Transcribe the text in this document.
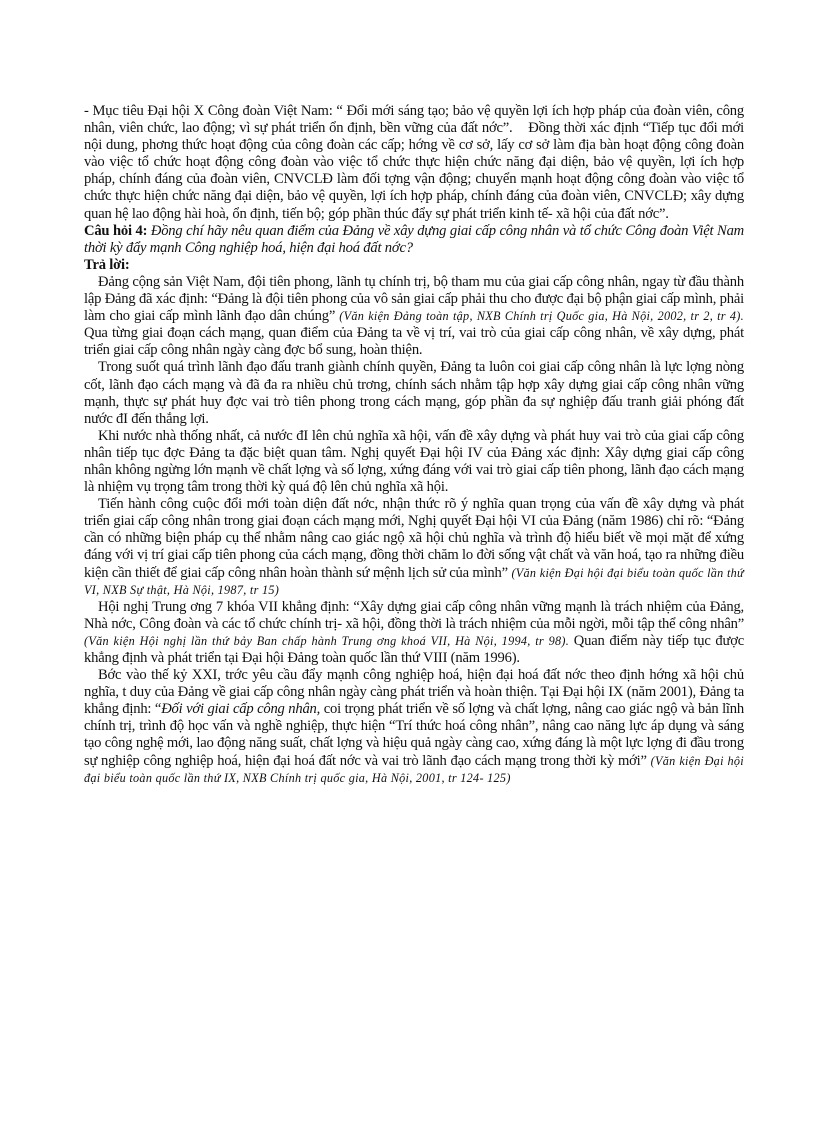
- Mục tiêu Đại hội X Công đoàn Việt Nam: “ Đổi mới sáng tạo; bảo vệ quyền lợi ích hợp pháp của đoàn viên, công nhân, viên chức, lao động; vì sự phát triển ổn định, bền vững của đất nớc”. Đồng thời xác định “Tiếp tục đổi mới nội dung, phơng thức hoạt động của công đoàn các cấp; hớng về cơ sở, lấy cơ sở làm địa bàn hoạt động công đoàn vào việc tổ chức hoạt động công đoàn vào việc tổ chức thực hiện chức năng đại diện, bảo vệ quyền, lợi ích hợp pháp, chính đáng của đoàn viên, CNVCLĐ làm đối tợng vận động; chuyển mạnh hoạt động công đoàn vào việc tổ chức thực hiện chức năng đại diện, bảo vệ quyền, lợi ích hợp pháp, chính đáng của đoàn viên, CNVCLĐ; xây dựng quan hệ lao động hài hoà, ổn định, tiến bộ; góp phần thúc đẩy sự phát triển kinh tế- xã hội của đất nớc”.

Câu hỏi 4: Đồng chí hãy nêu quan điểm của Đảng về xây dựng giai cấp công nhân và tổ chức Công đoàn Việt Nam thời kỳ đẩy mạnh Công nghiệp hoá, hiện đại hoá đất nớc?

Trả lời:

Đảng cộng sản Việt Nam, đội tiên phong, lãnh tụ chính trị, bộ tham mu của giai cấp công nhân, ngay từ đầu thành lập Đảng đã xác định: “Đảng là đội tiên phong của vô sản giai cấp phải thu cho được đại bộ phận giai cấp mình, phải làm cho giai cấp mình lãnh đạo dân chúng” (Văn kiện Đảng toàn tập, NXB Chính trị Quốc gia, Hà Nội, 2002, tr 2, tr 4). Qua từng giai đoạn cách mạng, quan điểm của Đảng ta về vị trí, vai trò của giai cấp công nhân, về xây dựng, phát triển giai cấp công nhân ngày càng đợc bổ sung, hoàn thiện.

Trong suốt quá trình lãnh đạo đấu tranh giành chính quyền, Đảng ta luôn coi giai cấp công nhân là lực lợng nòng cốt, lãnh đạo cách mạng và đã đa ra nhiều chủ trơng, chính sách nhằm tập hợp xây dựng giai cấp công nhân vững mạnh, thực sự phát huy đợc vai trò tiên phong trong cách mạng, góp phần đa sự nghiệp đấu tranh giải phóng đất nước đI đến thắng lợi.

Khi nước nhà thống nhất, cả nước đI lên chủ nghĩa xã hội, vấn đề xây dựng và phát huy vai trò của giai cấp công nhân tiếp tục đợc Đảng ta đặc biệt quan tâm. Nghị quyết Đại hội IV của Đảng xác định: Xây dựng giai cấp công nhân không ngừng lớn mạnh về chất lợng và số lợng, xứng đáng với vai trò giai cấp tiên phong, lãnh đạo cách mạng là nhiệm vụ trọng tâm trong thời kỳ quá độ lên chủ nghĩa xã hội.

Tiến hành công cuộc đổi mới toàn diện đất nớc, nhận thức rõ ý nghĩa quan trọng của vấn đề xây dựng và phát triển giai cấp công nhân trong giai đoạn cách mạng mới, Nghị quyết Đại hội VI của Đảng (năm 1986) chỉ rõ: “Đảng cần có những biện pháp cụ thể nhằm nâng cao giác ngộ xã hội chủ nghĩa và trình độ hiểu biết về mọi mặt để xứng đáng với vị trí giai cấp tiên phong của cách mạng, đồng thời chăm lo đời sống vật chất và văn hoá, tạo ra những điều kiện cần thiết để giai cấp công nhân hoàn thành sứ mệnh lịch sử của mình” (Văn kiện Đại hội đại biểu toàn quốc lần thứ VI, NXB Sự thật, Hà Nội, 1987, tr 15)

Hội nghị Trung ơng 7 khóa VII khẳng định: “Xây dựng giai cấp công nhân vững mạnh là trách nhiệm của Đảng, Nhà nớc, Công đoàn và các tổ chức chính trị- xã hội, đồng thời là trách nhiệm của mỗi ngời, mỗi tập thể công nhân” (Văn kiện Hội nghị lần thứ bảy Ban chấp hành Trung ơng khoá VII, Hà Nội, 1994, tr 98). Quan điểm này tiếp tục được khẳng định và phát triển tại Đại hội Đảng toàn quốc lần thứ VIII (năm 1996).

Bớc vào thế kỷ XXI, trớc yêu cầu đẩy mạnh công nghiệp hoá, hiện đại hoá đất nớc theo định hớng xã hội chủ nghĩa, t duy của Đảng về giai cấp công nhân ngày càng phát triển và hoàn thiện. Tại Đại hội IX (năm 2001), Đảng ta khẳng định: “Đối với giai cấp công nhân, coi trọng phát triển về số lợng và chất lợng, nâng cao giác ngộ và bản lĩnh chính trị, trình độ học vấn và nghề nghiệp, thực hiện “Trí thức hoá công nhân”, nâng cao năng lực áp dụng và sáng tạo công nghệ mới, lao động năng suất, chất lợng và hiệu quả ngày càng cao, xứng đáng là một lực lợng đi đầu trong sự nghiệp công nghiệp hoá, hiện đại hoá đất nớc và vai trò lãnh đạo cách mạng trong thời kỳ mới” (Văn kiện Đại hội đại biểu toàn quốc lần thứ IX, NXB Chính trị quốc gia, Hà Nội, 2001, tr 124- 125)
